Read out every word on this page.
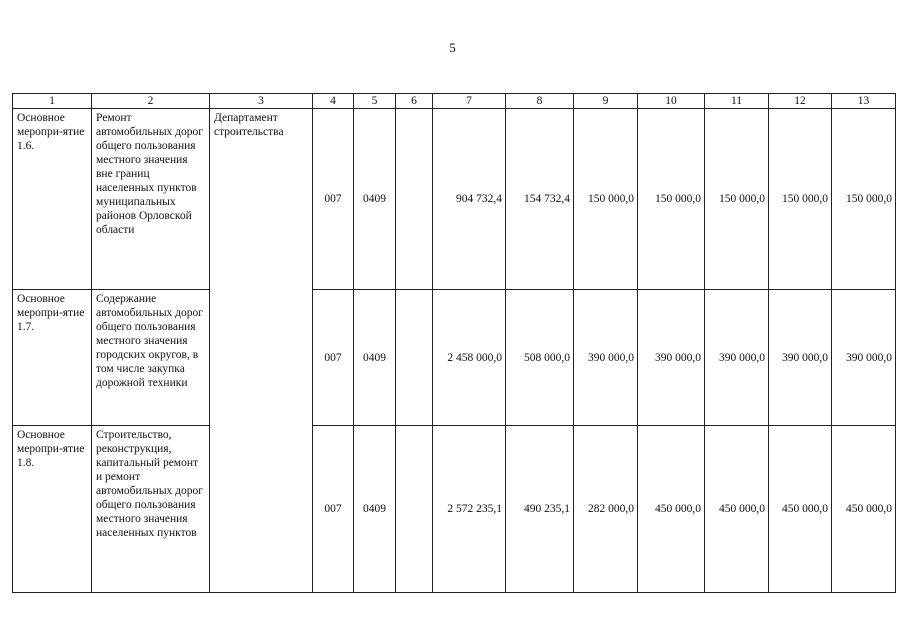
5
1	2	3	4	5	6	7	8	9	10	11	12	13
Основное меропри-ятие 1.6.	Ремонт автомобильных дорог общего пользования местного значения вне границ населенных пунктов муниципальных районов Орловской области	Департамент строительства	007	0409		904 732,4	154 732,4	150 000,0	150 000,0	150 000,0	150 000,0	150 000,0
Основное меропри-ятие 1.7.	Содержание автомобильных дорог общего пользования местного значения городских округов, в том числе закупка дорожной техники		007	0409		2 458 000,0	508 000,0	390 000,0	390 000,0	390 000,0	390 000,0	390 000,0
Основное меропри-ятие 1.8.	Строительство, реконструкция, капитальный ремонт и ремонт автомобильных дорог общего пользования местного значения населенных пунктов		007	0409		2 572 235,1	490 235,1	282 000,0	450 000,0	450 000,0	450 000,0	450 000,0
